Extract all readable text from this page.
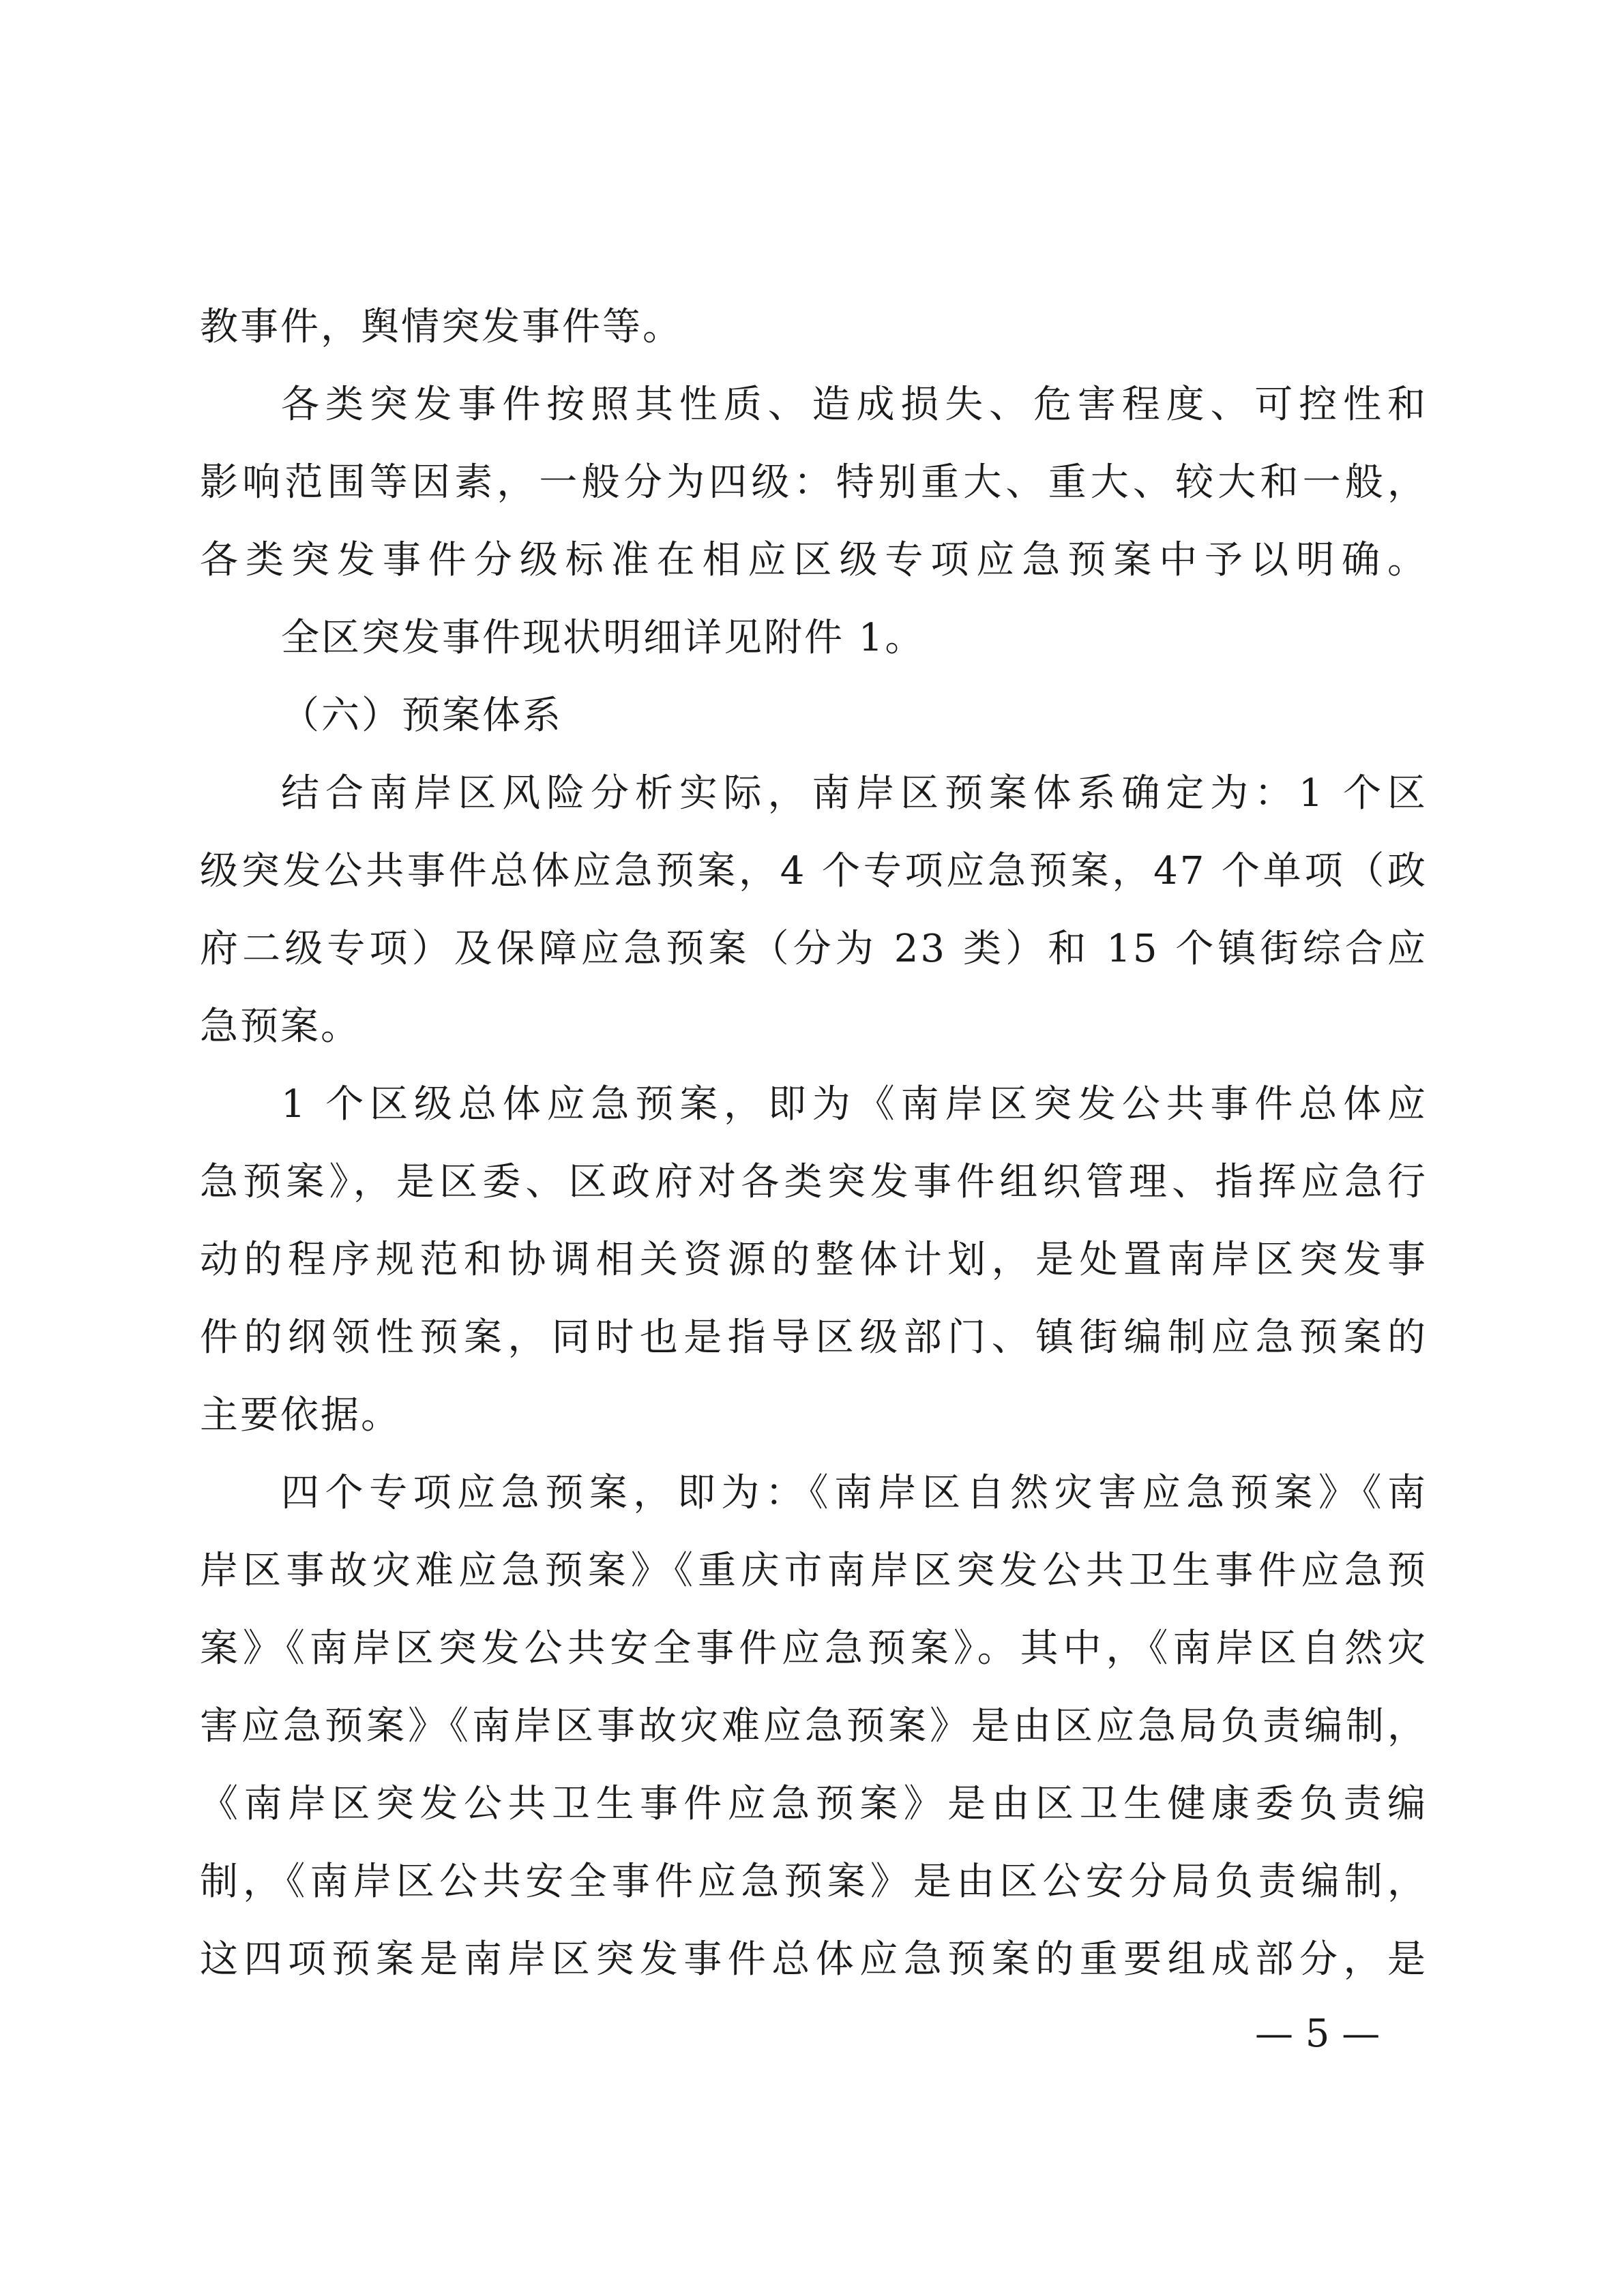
教事件，舆情突发事件等。
各类突发事件按照其性质、造成损失、危害程度、可控性和
影响范围等因素，一般分为四级：特别重大、重大、较大和一般，
各类突发事件分级标准在相应区级专项应急预案中予以明确。
全区突发事件现状明细详见附件 1。
（六）预案体系
结合南岸区风险分析实际，南岸区预案体系确定为：1 个区
级突发公共事件总体应急预案，4 个专项应急预案，47 个单项（政
府二级专项）及保障应急预案（分为 23 类）和 15 个镇街综合应
急预案。
1 个区级总体应急预案，即为《南岸区突发公共事件总体应
急预案》，是区委、区政府对各类突发事件组织管理、指挥应急行
动的程序规范和协调相关资源的整体计划，是处置南岸区突发事
件的纲领性预案，同时也是指导区级部门、镇街编制应急预案的
主要依据。
四个专项应急预案，即为：《南岸区自然灾害应急预案》《南
岸区事故灾难应急预案》《重庆市南岸区突发公共卫生事件应急预
案》《南岸区突发公共安全事件应急预案》。其中，《南岸区自然灾
害应急预案》《南岸区事故灾难应急预案》是由区应急局负责编制，
《南岸区突发公共卫生事件应急预案》是由区卫生健康委负责编
制，《南岸区公共安全事件应急预案》是由区公安分局负责编制，
这四项预案是南岸区突发事件总体应急预案的重要组成部分，是
— 5 —
